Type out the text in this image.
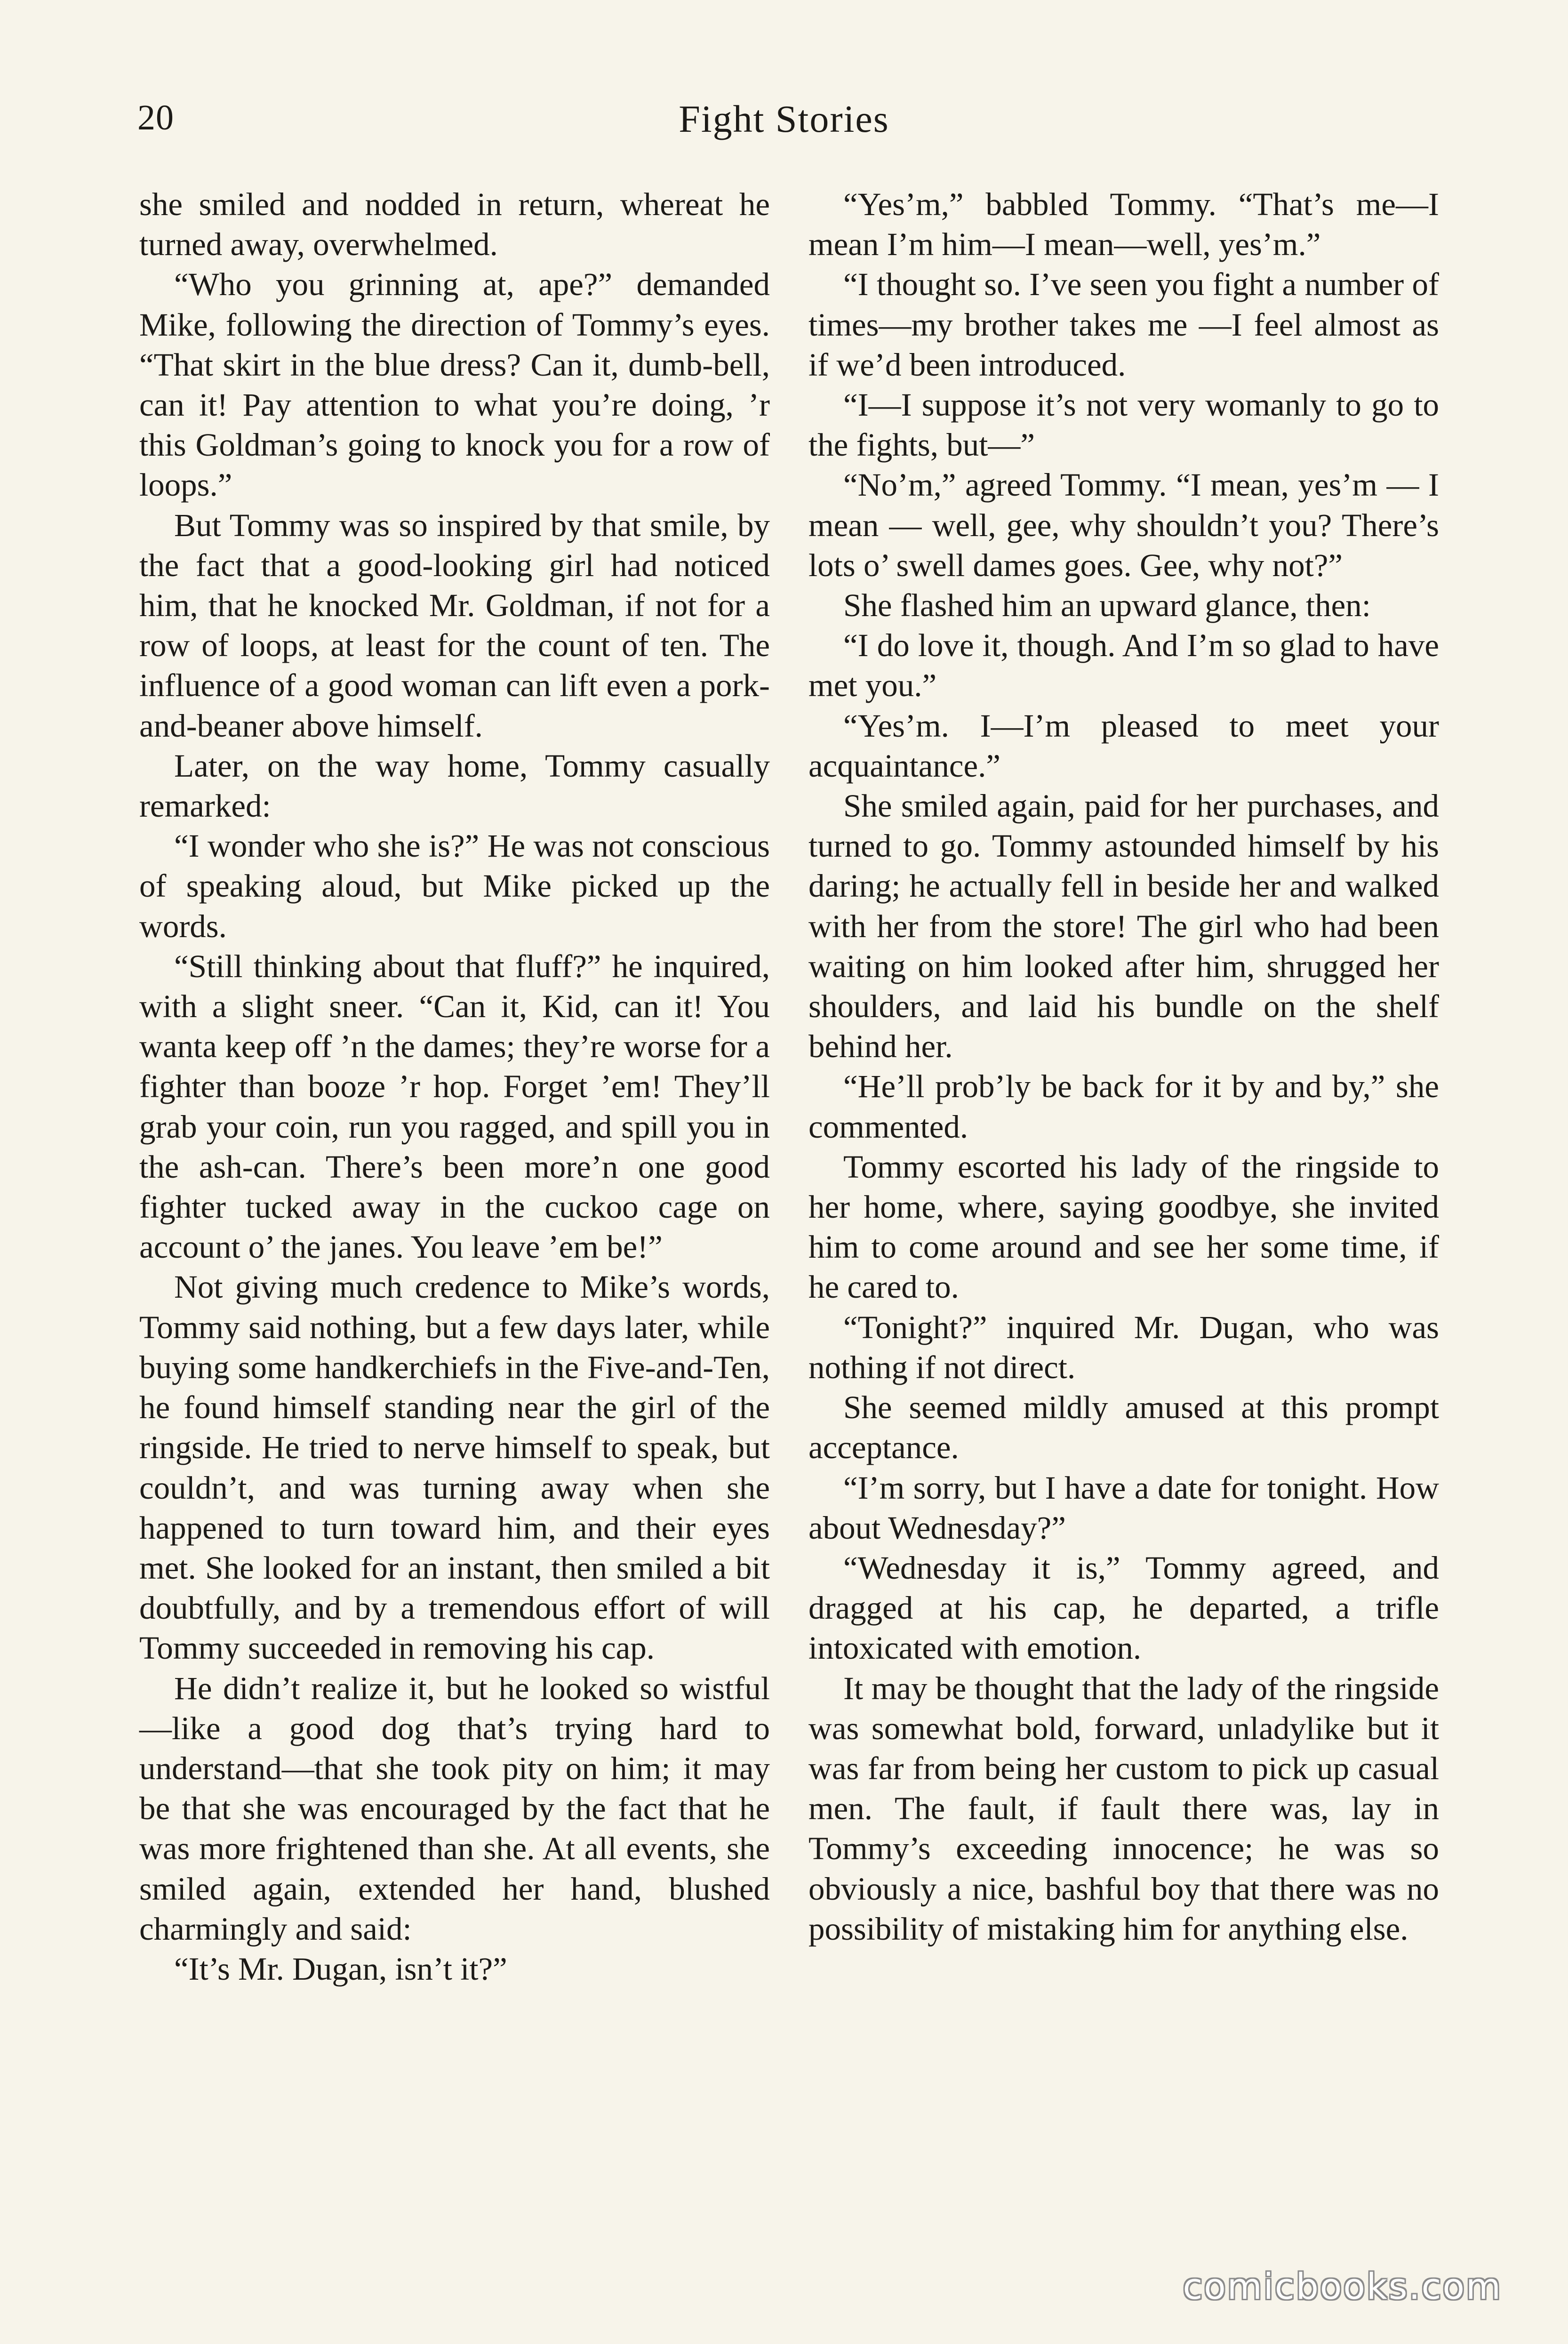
20	Fight Stories

she smiled and nodded in return, whereat he turned away, overwhelmed.

“Who you grinning at, ape?” demanded Mike, following the direction of Tommy’s eyes. “That skirt in the blue dress? Can it, dumb-bell, can it! Pay attention to what you’re doing, ’r this Goldman’s going to knock you for a row of loops.”

But Tommy was so inspired by that smile, by the fact that a good-looking girl had noticed him, that he knocked Mr. Goldman, if not for a row of loops, at least for the count of ten. The influence of a good woman can lift even a pork-and-beaner above himself.

Later, on the way home, Tommy casually remarked:

“I wonder who she is?” He was not conscious of speaking aloud, but Mike picked up the words.

“Still thinking about that fluff?” he inquired, with a slight sneer. “Can it, Kid, can it! You wanta keep off ’n the dames; they’re worse for a fighter than booze ’r hop. Forget ’em! They’ll grab your coin, run you ragged, and spill you in the ash-can. There’s been more’n one good fighter tucked away in the cuckoo cage on account o’ the janes. You leave ’em be!”

Not giving much credence to Mike’s words, Tommy said nothing, but a few days later, while buying some handkerchiefs in the Five-and-Ten, he found himself standing near the girl of the ringside. He tried to nerve himself to speak, but couldn’t, and was turning away when she happened to turn toward him, and their eyes met. She looked for an instant, then smiled a bit doubtfully, and by a tremendous effort of will Tommy succeeded in removing his cap.

He didn’t realize it, but he looked so wistful—like a good dog that’s trying hard to understand—that she took pity on him; it may be that she was encouraged by the fact that he was more frightened than she. At all events, she smiled again, extended her hand, blushed charmingly and said:

“It’s Mr. Dugan, isn’t it?”

“Yes’m,” babbled Tommy. “That’s me—I mean I’m him—I mean—well, yes’m.”

“I thought so. I’ve seen you fight a number of times—my brother takes me —I feel almost as if we’d been introduced.

“I—I suppose it’s not very womanly to go to the fights, but—”

“No’m,” agreed Tommy. “I mean, yes’m — I mean — well, gee, why shouldn’t you? There’s lots o’ swell dames goes. Gee, why not?”

She flashed him an upward glance, then:

“I do love it, though. And I’m so glad to have met you.”

“Yes’m. I—I’m pleased to meet your acquaintance.”

She smiled again, paid for her purchases, and turned to go. Tommy astounded himself by his daring; he actually fell in beside her and walked with her from the store! The girl who had been waiting on him looked after him, shrugged her shoulders, and laid his bundle on the shelf behind her.

“He’ll prob’ly be back for it by and by,” she commented.

Tommy escorted his lady of the ringside to her home, where, saying goodbye, she invited him to come around and see her some time, if he cared to.

“Tonight?” inquired Mr. Dugan, who was nothing if not direct.

She seemed mildly amused at this prompt acceptance.

“I’m sorry, but I have a date for tonight. How about Wednesday?”

“Wednesday it is,” Tommy agreed, and dragged at his cap, he departed, a trifle intoxicated with emotion.

It may be thought that the lady of the ringside was somewhat bold, forward, unladylike but it was far from being her custom to pick up casual men. The fault, if fault there was, lay in Tommy’s exceeding innocence; he was so obviously a nice, bashful boy that there was no possibility of mistaking him for anything else.

comicbooks.com
